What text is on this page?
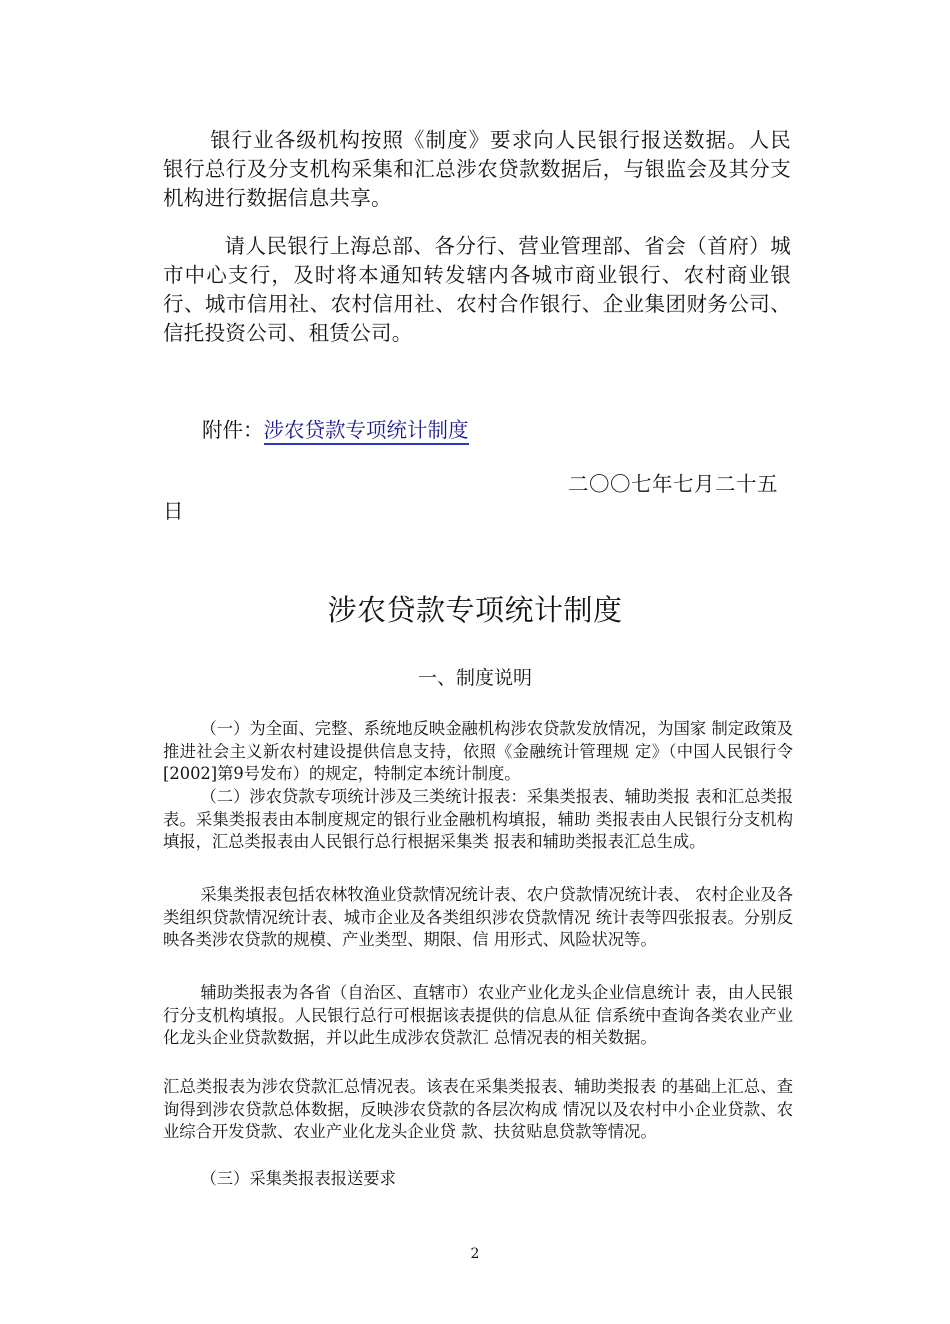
银行业各级机构按照《制度》要求向人民银行报送数据。人民银行总行及分支机构采集和汇总涉农贷款数据后，与银监会及其分支机构进行数据信息共享。

请人民银行上海总部、各分行、营业管理部、省会（首府）城市中心支行，及时将本通知转发辖内各城市商业银行、农村商业银行、城市信用社、农村信用社、农村合作银行、企业集团财务公司、信托投资公司、租赁公司。

附件：涉农贷款专项统计制度
二〇〇七年七月二十五
日
涉农贷款专项统计制度
一、制度说明

（一）为全面、完整、系统地反映金融机构涉农贷款发放情况，为国家 制定政策及推进社会主义新农村建设提供信息支持，依照《金融统计管理规 定》（中国人民银行令[2002]第9号发布）的规定，特制定本统计制度。

（二）涉农贷款专项统计涉及三类统计报表：采集类报表、辅助类报 表和汇总类报表。采集类报表由本制度规定的银行业金融机构填报，辅助 类报表由人民银行分支机构填报，汇总类报表由人民银行总行根据采集类 报表和辅助类报表汇总生成。

采集类报表包括农林牧渔业贷款情况统计表、农户贷款情况统计表、 农村企业及各类组织贷款情况统计表、城市企业及各类组织涉农贷款情况 统计表等四张报表。分别反映各类涉农贷款的规模、产业类型、期限、信 用形式、风险状况等。

辅助类报表为各省（自治区、直辖市）农业产业化龙头企业信息统计 表，由人民银行分支机构填报。人民银行总行可根据该表提供的信息从征 信系统中查询各类农业产业化龙头企业贷款数据，并以此生成涉农贷款汇 总情况表的相关数据。

汇总类报表为涉农贷款汇总情况表。该表在采集类报表、辅助类报表 的基础上汇总、查询得到涉农贷款总体数据，反映涉农贷款的各层次构成 情况以及农村中小企业贷款、农业综合开发贷款、农业产业化龙头企业贷 款、扶贫贴息贷款等情况。

（三）采集类报表报送要求

2
